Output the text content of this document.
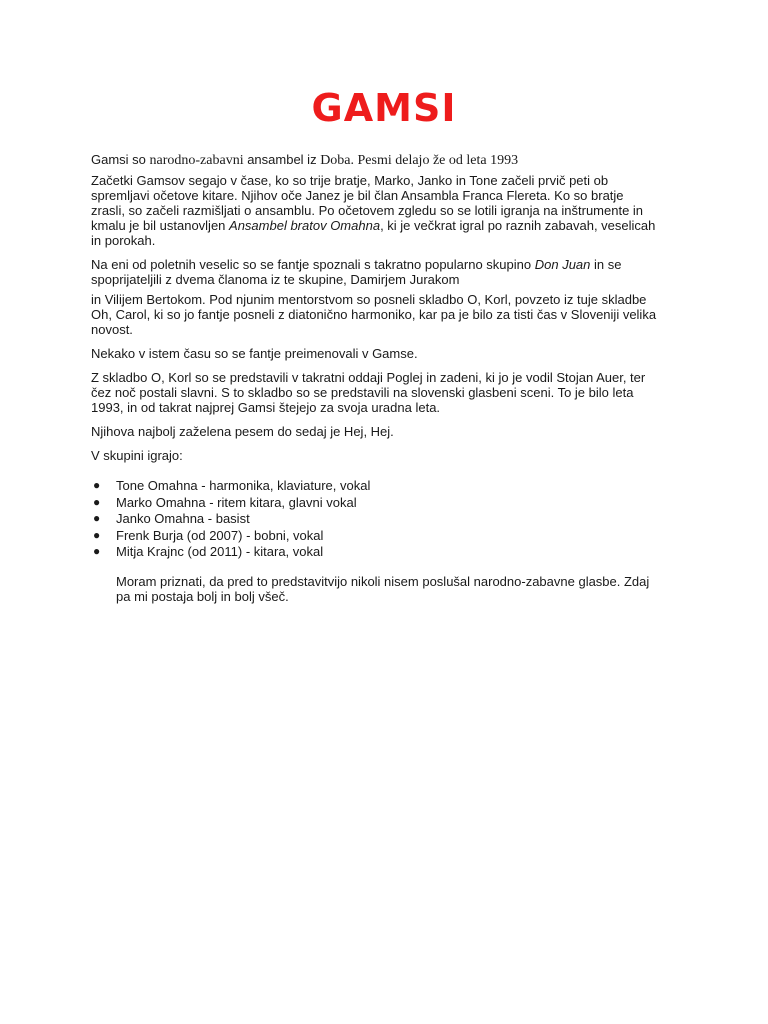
GAMSI

Gamsi so narodno-zabavni ansambel iz Doba. Pesmi delajo že od leta 1993

Začetki Gamsov segajo v čase, ko so trije bratje, Marko, Janko in Tone začeli prvič peti ob spremljavi očetove kitare. Njihov oče Janez je bil član Ansambla Franca Flereta. Ko so bratje zrasli, so začeli razmišljati o ansamblu. Po očetovem zgledu so se lotili igranja na inštrumente in kmalu je bil ustanovljen Ansambel bratov Omahna, ki je večkrat igral po raznih zabavah, veselicah in porokah.

Na eni od poletnih veselic so se fantje spoznali s takratno popularno skupino Don Juan in se spoprijateljili z dvema članoma iz te skupine, Damirjem Jurakom

in Vilijem Bertokom. Pod njunim mentorstvom so posneli skladbo O, Korl, povzeto iz tuje skladbe Oh, Carol, ki so jo fantje posneli z diatonično harmoniko, kar pa je bilo za tisti čas v Sloveniji velika novost.

Nekako v istem času so se fantje preimenovali v Gamse.

Z skladbo O, Korl so se predstavili v takratni oddaji Poglej in zadeni, ki jo je vodil Stojan Auer, ter čez noč postali slavni. S to skladbo so se predstavili na slovenski glasbeni sceni. To je bilo leta 1993, in od takrat najprej Gamsi štejejo za svoja uradna leta.

Njihova najbolj zaželena pesem do sedaj je Hej, Hej.

V skupini igrajo:

● Tone Omahna - harmonika, klaviature, vokal
● Marko Omahna - ritem kitara, glavni vokal
● Janko Omahna - basist
● Frenk Burja (od 2007) - bobni, vokal
● Mitja Krajnc (od 2011) - kitara, vokal

Moram priznati, da pred to predstavitvijo nikoli nisem poslušal narodno-zabavne glasbe. Zdaj pa mi postaja bolj in bolj všeč.
